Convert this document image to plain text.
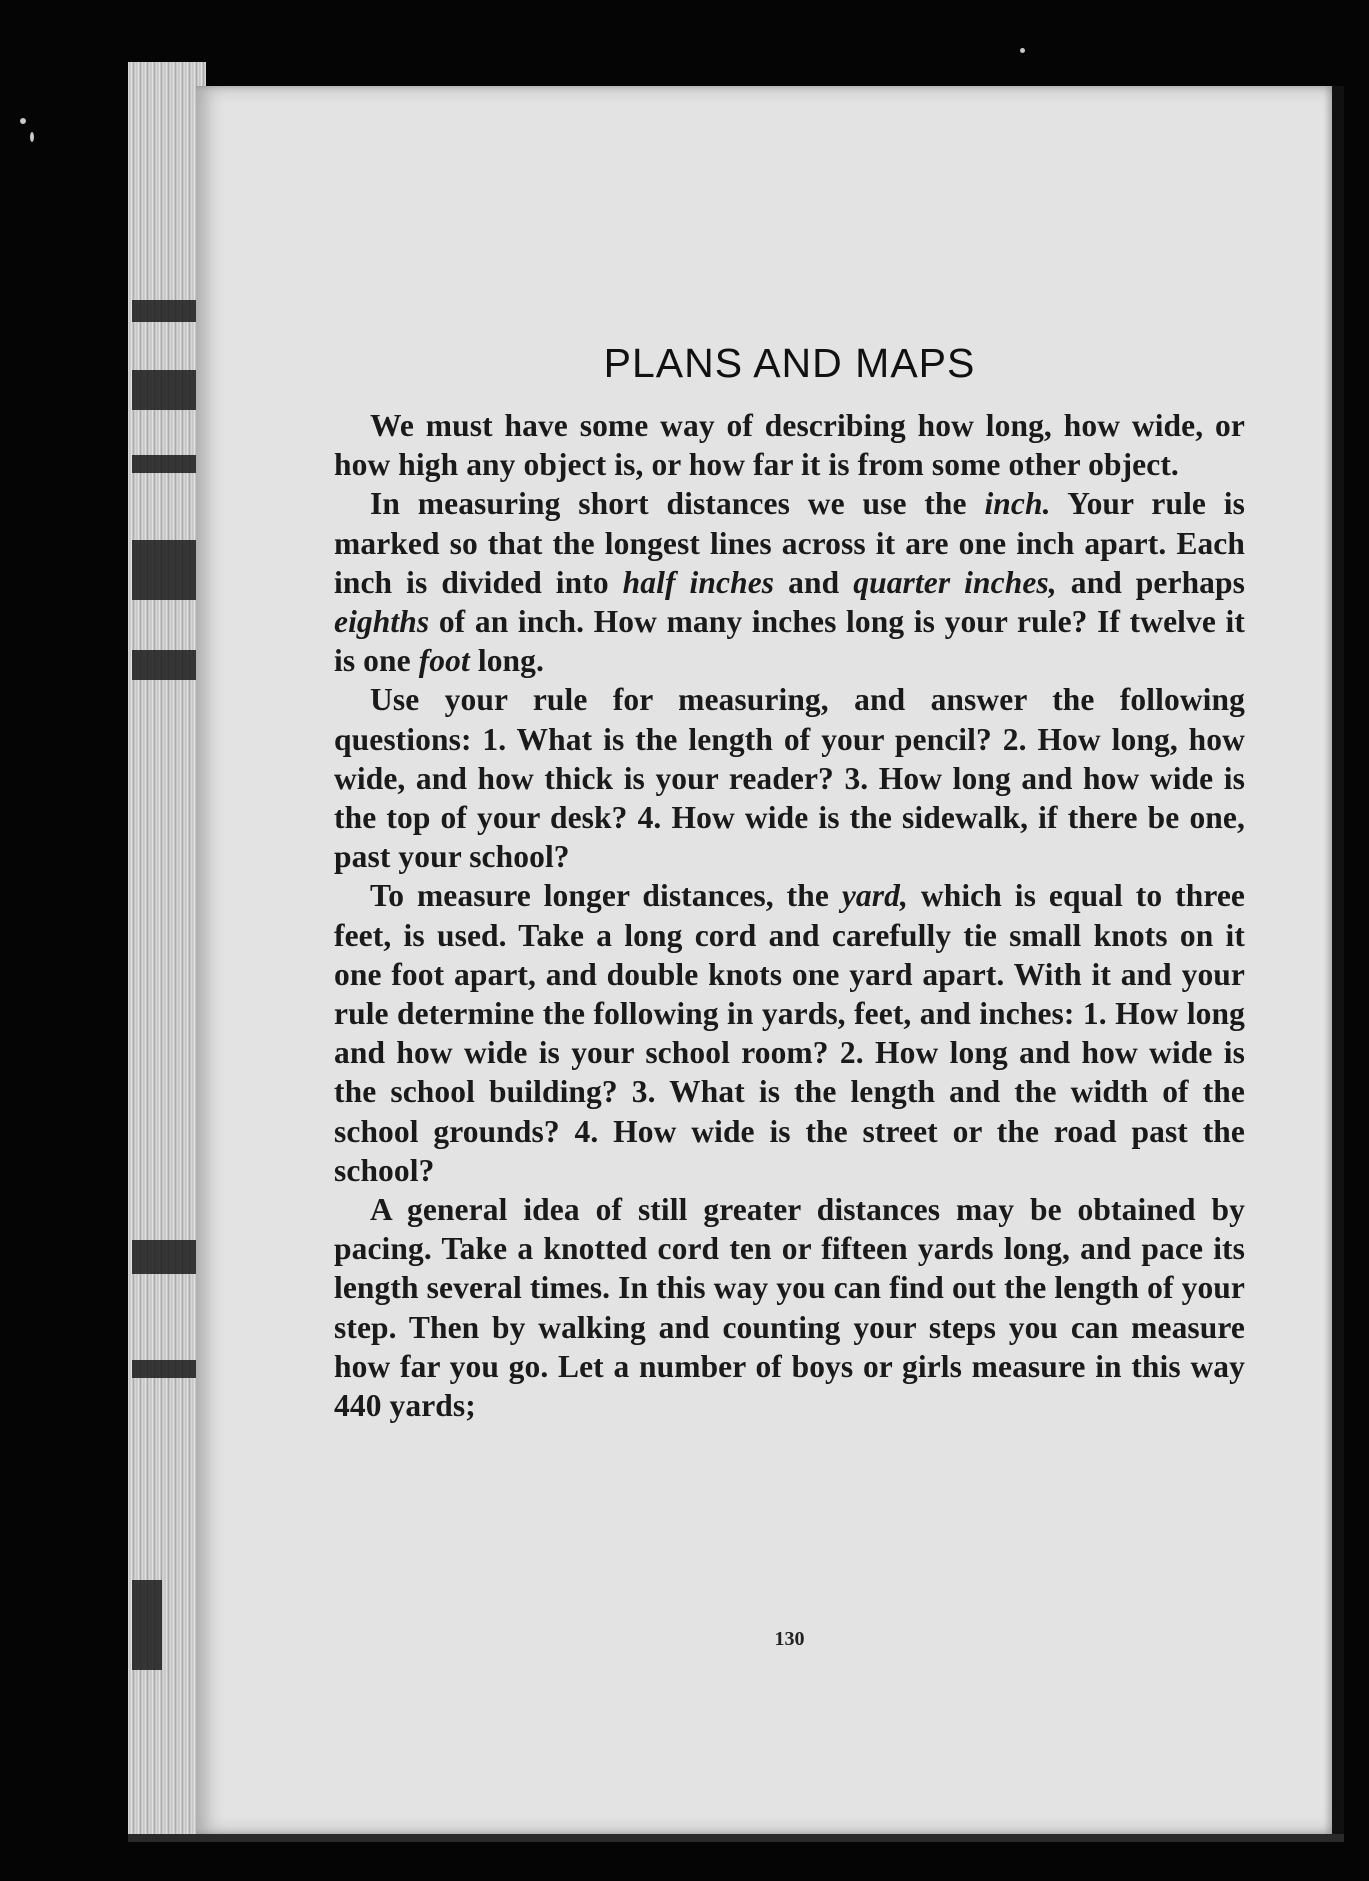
PLANS AND MAPS

We must have some way of describing how long, how wide, or how high any object is, or how far it is from some other object.

In measuring short distances we use the inch. Your rule is marked so that the longest lines across it are one inch apart. Each inch is divided into half inches and quarter inches, and perhaps eighths of an inch. How many inches long is your rule? If twelve it is one foot long.

Use your rule for measuring, and answer the following questions: 1. What is the length of your pencil? 2. How long, how wide, and how thick is your reader? 3. How long and how wide is the top of your desk? 4. How wide is the sidewalk, if there be one, past your school?

To measure longer distances, the yard, which is equal to three feet, is used. Take a long cord and carefully tie small knots on it one foot apart, and double knots one yard apart. With it and your rule determine the following in yards, feet, and inches: 1. How long and how wide is your school room? 2. How long and how wide is the school building? 3. What is the length and the width of the school grounds? 4. How wide is the street or the road past the school?

A general idea of still greater distances may be obtained by pacing. Take a knotted cord ten or fifteen yards long, and pace its length several times. In this way you can find out the length of your step. Then by walking and counting your steps you can measure how far you go. Let a number of boys or girls measure in this way 440 yards;

130
